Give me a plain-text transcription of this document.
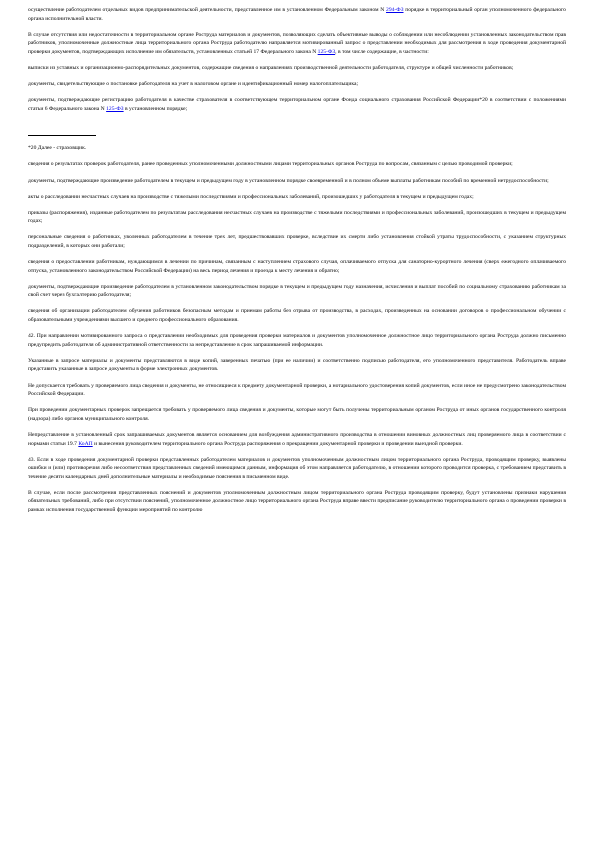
осуществление работодателем отдельных видов предпринимательской деятельности, представленное им в установленном Федеральным законом N 294-ФЗ порядке в территориальный орган уполномоченного федерального органа исполнительной власти.

В случае отсутствия или недостаточности в территориальном органе Роструда материалов и документов, позволяющих сделать объективные выводы о соблюдении или несоблюдении установленных законодательством прав работников, уполномоченные должностные лица территориального органа Роструда работодателю направляется мотивированный запрос о представлении необходимых для рассмотрения в ходе проведения документарной проверки документов, подтверждающих исполнение им обязательств, установленных статьей 17 Федерального закона N 125-ФЗ, в том числе содержащие, в частности:

выписки из уставных и организационно-распорядительных документов, содержащие сведения о направлениях производственной деятельности работодателя, структуре и общей численности работников;

документы, свидетельствующие о постановке работодателя на учет в налоговом органе и идентификационный номер налогоплательщика;

документы, подтверждающие регистрацию работодателя в качестве страхователя в соответствующем территориальном органе Фонда социального страхования Российской Федерации*20 в соответствии с положениями статьи 6 Федерального закона N 125-ФЗ в установленном порядке;

*20 Далее - страховщик.

сведения о результатах проверок работодателя, ранее проведенных уполномоченными должностными лицами территориальных органов Роструда по вопросам, связанным с целью проводимой проверки;

документы, подтверждающие произведение работодателем в текущем и предыдущем году в установленном порядке своевременной и в полном объеме выплаты работникам пособий по временной нетрудоспособности;

акты о расследовании несчастных случаев на производстве с тяжелыми последствиями и профессиональных заболеваний, произошедших у работодателя в текущем и предыдущем годах;

приказы (распоряжения), изданные работодателем по результатам расследования несчастных случаев на производстве с тяжелыми последствиями и профессиональных заболеваний, произошедших в текущем и предыдущем годах;

персональные сведения о работниках, уволенных работодателем в течение трех лет, предшествовавших проверке, вследствие их смерти либо установления стойкой утраты трудоспособности, с указанием структурных подразделений, в которых они работали;

сведения о предоставлении работникам, нуждающимся в лечении по причинам, связанным с наступлением страхового случая, оплачиваемого отпуска для санаторно-курортного лечения (сверх ежегодного оплачиваемого отпуска, установленного законодательством Российской Федерации) на весь период лечения и проезда к месту лечения и обратно;

документы, подтверждающие произведение работодателем в установленном законодательством порядке в текущем и предыдущем году назначения, исчисления и выплат пособий по социальному страхованию работникам за свой счет через бухгалтерию работодателя;

сведения об организации работодателем обучения работников безопасным методам и приемам работы без отрыва от производства, в расходах, произведенных на основании договоров о профессиональном обучении с образовательными учреждениями высшего и среднего профессионального образования.

42. При направлении мотивированного запроса о представлении необходимых для проведения проверки материалов и документов уполномоченное должностное лицо территориального органа Роструда должно письменно предупредить работодателя об административной ответственности за непредставление в срок запрашиваемой информации.

Указанные в запросе материалы и документы представляются в виде копий, заверенных печатью (при ее наличии) и соответственно подписью работодателя, его уполномоченного представителя. Работодатель вправе представить указанные в запросе документы в форме электронных документов.

Не допускается требовать у проверяемого лица сведения и документы, не относящиеся к предмету документарной проверки, а нотариального удостоверения копий документов, если иное не предусмотрено законодательством Российской Федерации.

При проведении документарных проверок запрещается требовать у проверяемого лица сведения и документы, которые могут быть получены территориальным органом Роструда от иных органов государственного контроля (надзора) либо органов муниципального контроля.

Непредставление в установленный срок запрашиваемых документов является основанием для возбуждения административного производства в отношении виновных должностных лиц проверяемого лица в соответствии с нормами статьи 19.7 КоАП и вынесения руководителем территориального органа Роструда распоряжения о прекращении документарной проверки и проведении выездной проверки.

43. Если в ходе проведения документарной проверки представленных работодателем материалов и документов уполномоченным должностным лицом территориального органа Роструда, проводящим проверку, выявлены ошибки и (или) противоречия либо несоответствия представленных сведений имеющимся данным, информация об этом направляется работодателю, в отношении которого проводится проверка, с требованием представить в течение десяти календарных дней дополнительные материалы и необходимые пояснения в письменном виде.

В случае, если после рассмотрения представленных пояснений и документов уполномоченным должностным лицом территориального органа Роструда проводящим проверку, будут установлены признаки нарушения обязательных требований, либо при отсутствии пояснений, уполномоченное должностное лицо территориального органа Роструда вправе ввести предписание руководителю территориального органа о проведении проверки в рамках исполнения государственной функции мероприятий по контролю
